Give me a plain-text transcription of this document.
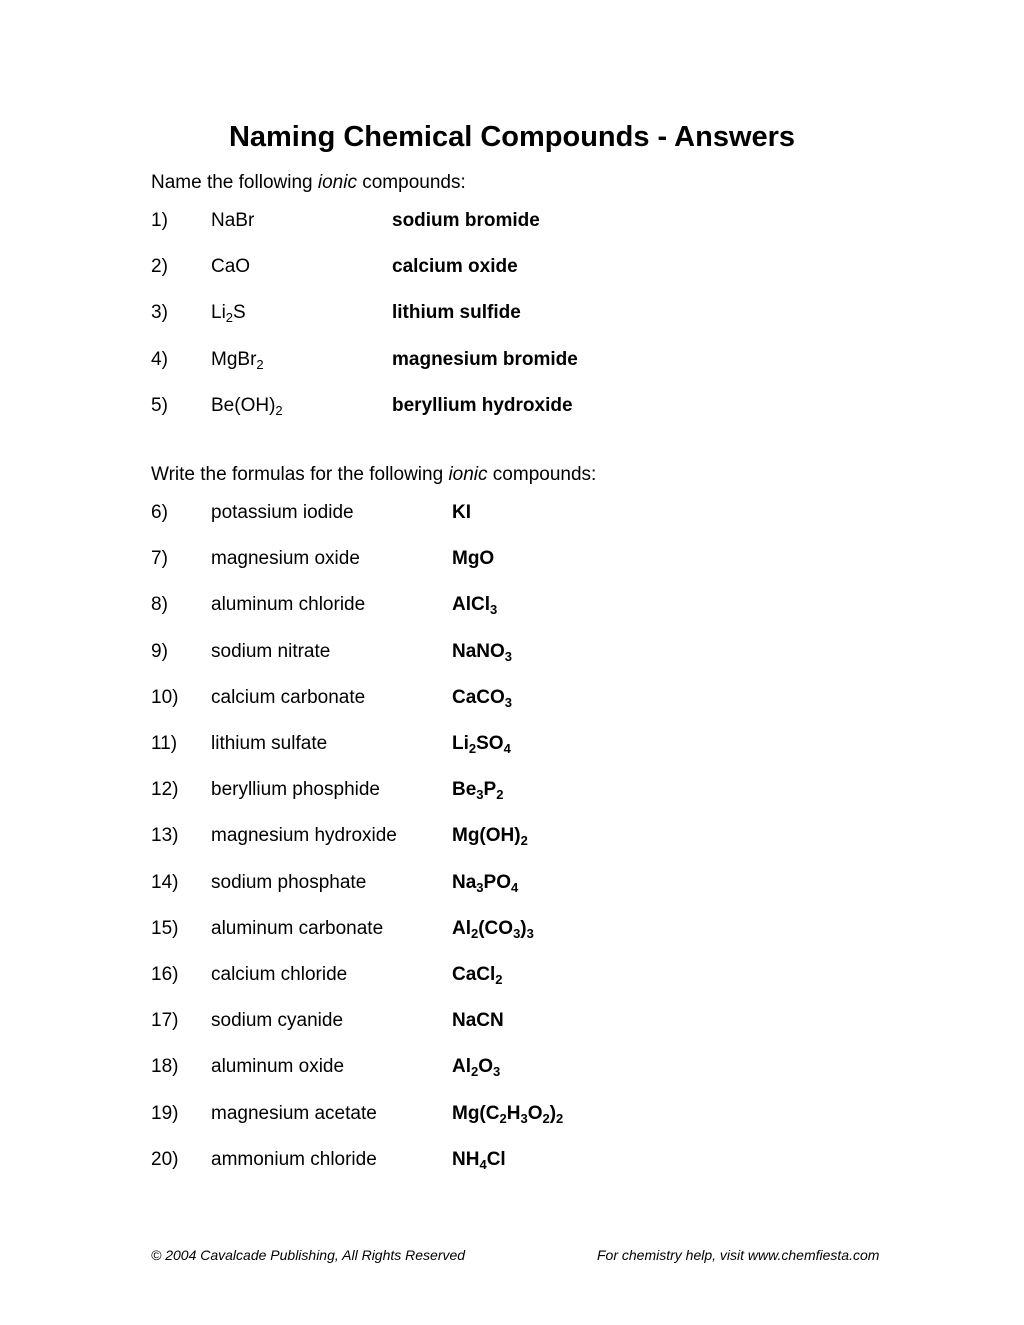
Naming Chemical Compounds - Answers
Name the following ionic compounds:
1) NaBr	sodium bromide
2) CaO	calcium oxide
3) $Li_2S$	lithium sulfide
4) MgBr$_2$	magnesium bromide
5) $Be(OH)_2$	beryllium hydroxide
Write the formulas for the following ionic compounds:
6) potassium iodide	KI
7) magnesium oxide	MgO
8) aluminum chloride	AlCl$_3$
9) sodium nitrate	NaNO$_3$
10) calcium carbonate	CaCO$_3$
11) lithium sulfate	$Li_2SO_4$
12) beryllium phosphide	$Be_3P_2$
13) magnesium hydroxide	$Mg(OH)_2$
14) sodium phosphate	$Na_3PO_4$
15) aluminum carbonate	$Al_2(CO_3)_3$
16) calcium chloride	CaCl$_2$
17) sodium cyanide	NaCN
18) aluminum oxide	$Al_2O_3$
19) magnesium acetate	$Mg(C_2H_3O_2)_2$
20) ammonium chloride	$NH_4Cl$
© 2004 Cavalcade Publishing, All Rights Reserved	For chemistry help, visit www.chemfiesta.com
